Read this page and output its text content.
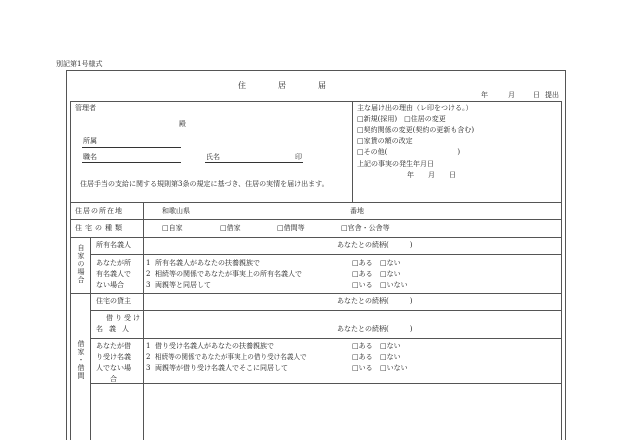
別記第1号様式
住　　　居　　　届
年	月	日 提出
管理者
殿
所属
職名	氏名	印
住居手当の支給に関する規則第3条の規定に基づき、住居の実情を届け出ます。
主な届け出の理由（レ印をつける。）
□新規(採用)　□住居の変更
□契約関係の変更(契約の更新も含む)
□家賃の額の改定
□その他(　　　　　　　　　　)
上記の事実の発生年月日
年　　月　　日
住居の所在地	和歌山県	番地
住宅の種類	□自家	□借家	□借間等	□官舎・公舎等
自家の場合 所有名義人	あなたとの続柄(　　　)
あなたが所
有名義人で
ない場合
1 所有名義人があなたの扶養親族で	□ある □ない
2 相続等の関係であなたが事実上の所有名義人で	□ある □ない
3 両親等と同居して	□いる □いない
借家・借間
住宅の貸主	あなたとの続柄(　　　)
借り受け
名義人	あなたとの続柄(　　　)
あなたが借
り受け名義
人でない場
合
1 借り受け名義人があなたの扶養親族で	□ある □ない
2 相続等の関係であなたが事実上の借り受け名義人で	□ある □ない
3 両親等が借り受け名義人でそこに同居して	□いる □いない
